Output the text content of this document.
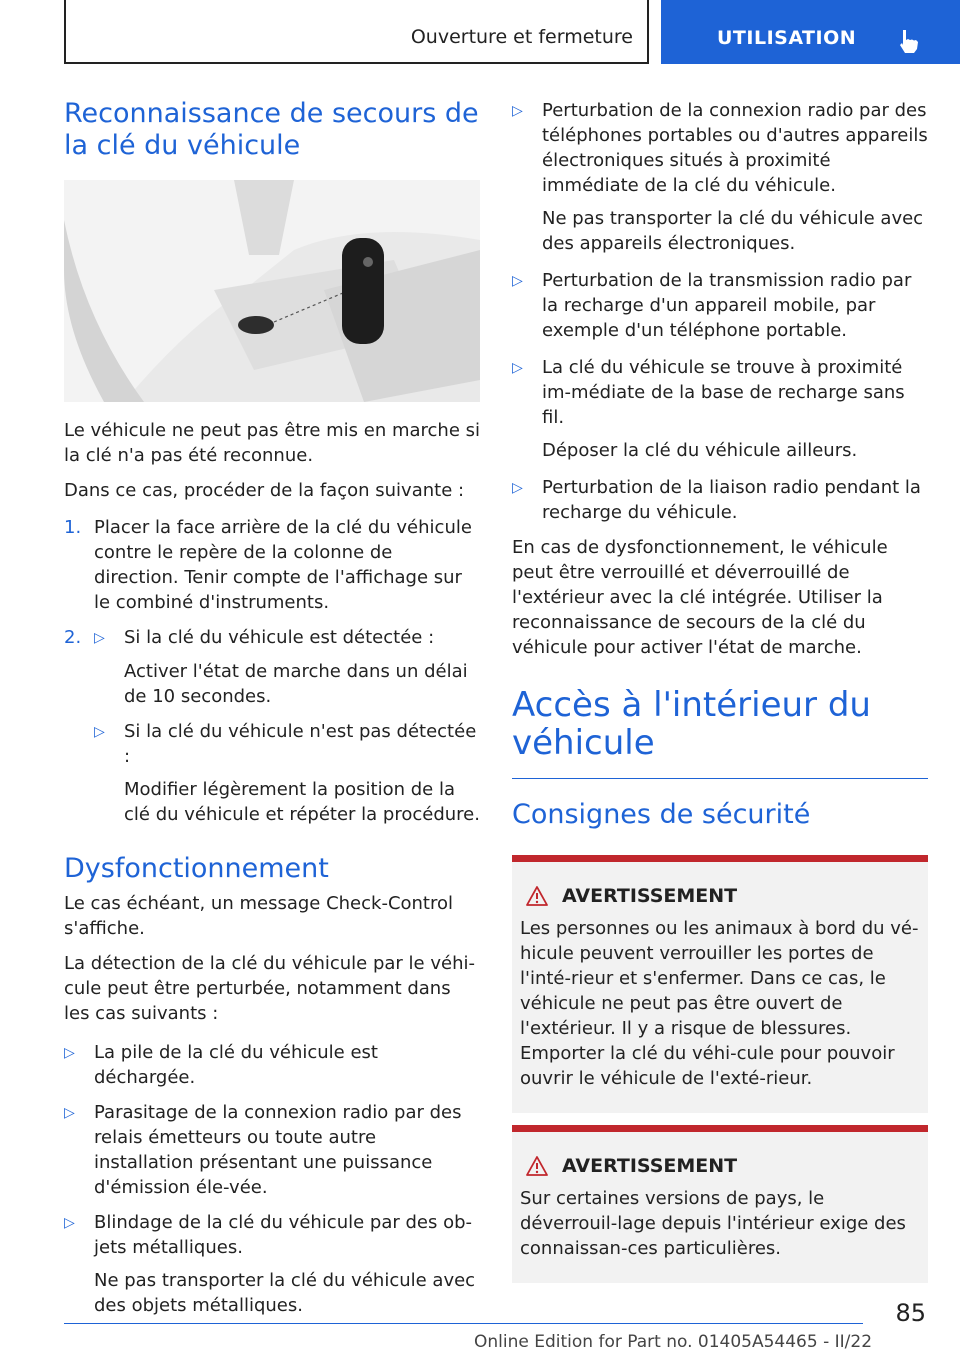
Ouverture et fermeture	UTILISATION
Reconnaissance de secours de la clé du véhicule

Le véhicule ne peut pas être mis en marche si la clé n'a pas été reconnue.

Dans ce cas, procéder de la façon suivante :

1. Placer la face arrière de la clé du véhicule contre le repère de la colonne de direction. Tenir compte de l'affichage sur le combiné d'instruments.
2. ▷	Si la clé du véhicule est détectée :

Activer l'état de marche dans un délai de 10 secondes.

▷	Si la clé du véhicule n'est pas détectée :

Modifier légèrement la position de la clé du véhicule et répéter la procédure.

Dysfonctionnement

Le cas échéant, un message Check-Control s'affiche.

La détection de la clé du véhicule par le véhi-cule peut être perturbée, notamment dans les cas suivants :

▷	La pile de la clé du véhicule est déchargée.
▷	Parasitage de la connexion radio par des relais émetteurs ou toute autre installation présentant une puissance d'émission éle-vée.
▷	Blindage de la clé du véhicule par des ob-jets métalliques.

Ne pas transporter la clé du véhicule avec des objets métalliques.

▷	Perturbation de la connexion radio par des téléphones portables ou d'autres appareils électroniques situés à proximité immédiate de la clé du véhicule.

Ne pas transporter la clé du véhicule avec des appareils électroniques.

▷	Perturbation de la transmission radio par la recharge d'un appareil mobile, par exemple d'un téléphone portable.
▷	La clé du véhicule se trouve à proximité im-médiate de la base de recharge sans fil.

Déposer la clé du véhicule ailleurs.

▷	Perturbation de la liaison radio pendant la recharge du véhicule.

En cas de dysfonctionnement, le véhicule peut être verrouillé et déverrouillé de l'extérieur avec la clé intégrée. Utiliser la reconnaissance de secours de la clé du véhicule pour activer l'état de marche.

Accès à l'intérieur du véhicule
Consignes de sécurité
AVERTISSEMENT

Les personnes ou les animaux à bord du vé-hicule peuvent verrouiller les portes de l'inté-rieur et s'enfermer. Dans ce cas, le véhicule ne peut pas être ouvert de l'extérieur. Il y a risque de blessures. Emporter la clé du véhi-cule pour pouvoir ouvrir le véhicule de l'exté-rieur.

AVERTISSEMENT

Sur certaines versions de pays, le déverrouil-lage depuis l'intérieur exige des connaissan-ces particulières.

85
Online Edition for Part no. 01405A54465 - II/22
